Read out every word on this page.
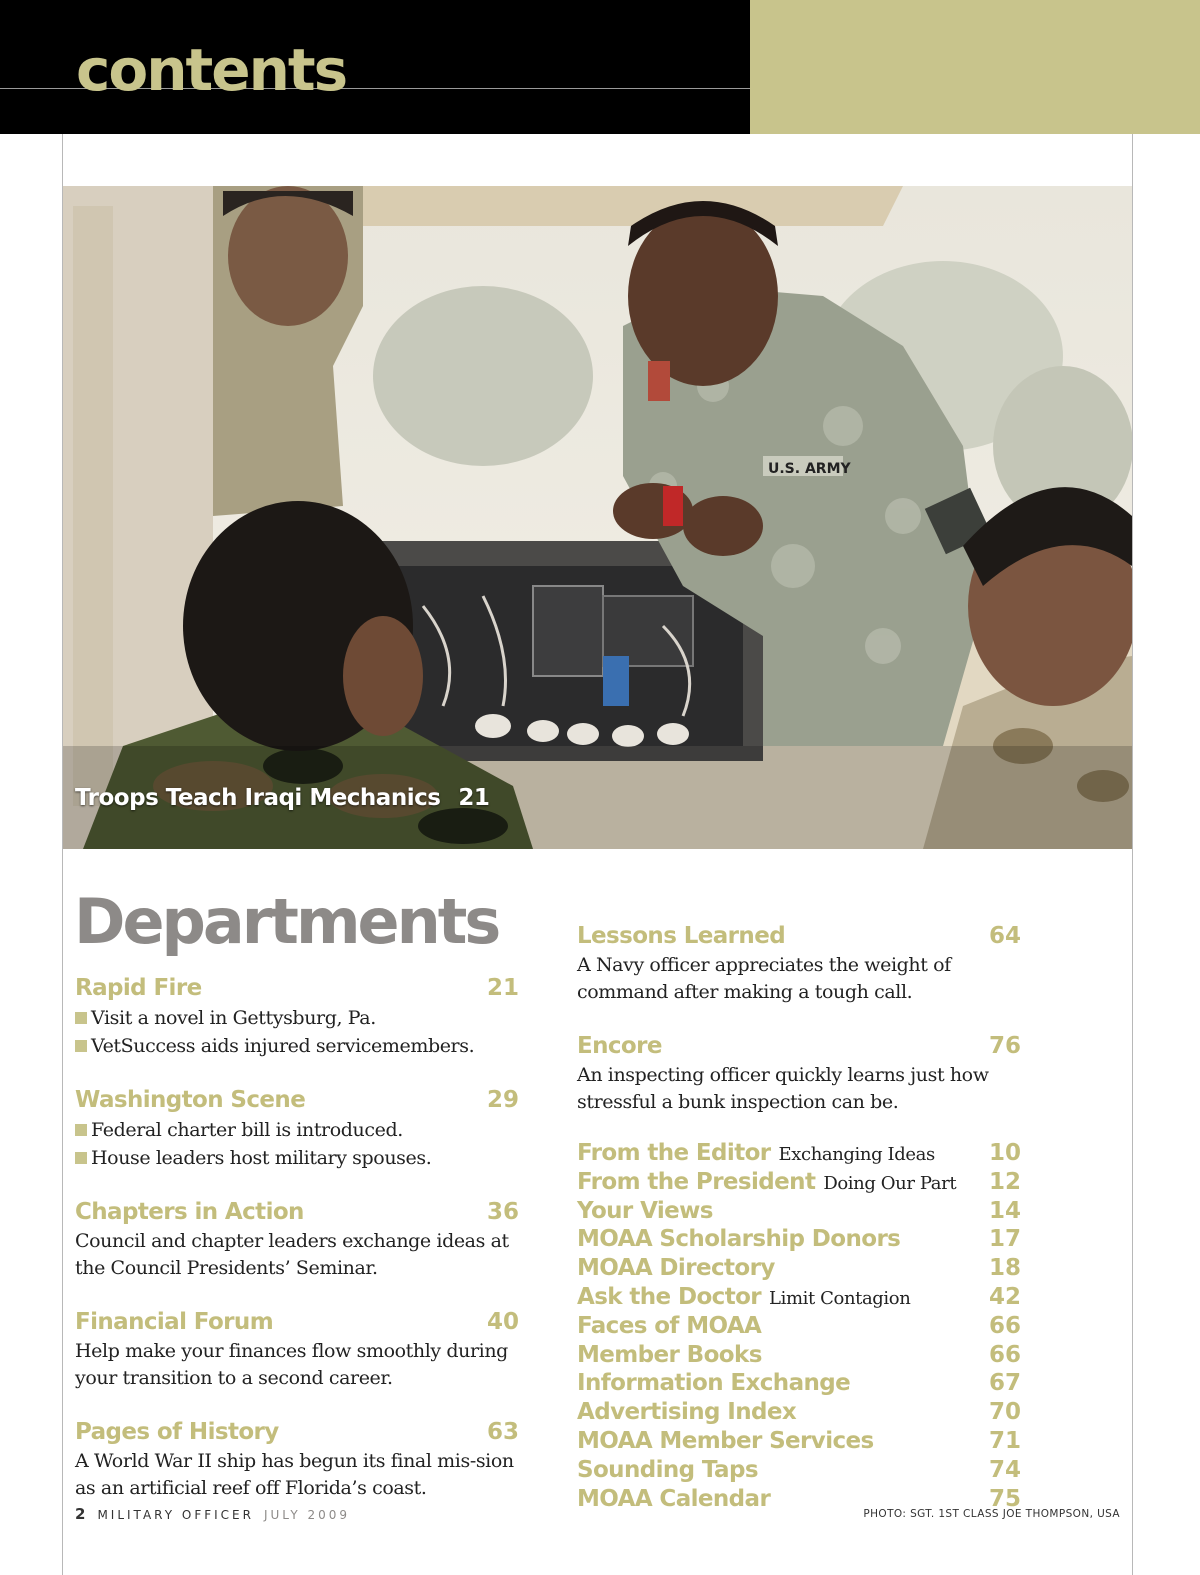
contents
U.S. ARMY
Troops Teach Iraqi Mechanics 21
Departments
Rapid Fire	21
Visit a novel in Gettysburg, Pa.
VetSuccess aids injured servicemembers.
Washington Scene	29
Federal charter bill is introduced.
House leaders host military spouses.
Chapters in Action	36
Council and chapter leaders exchange ideas at the Council Presidents’ Seminar.
Financial Forum	40
Help make your finances flow smoothly during your transition to a second career.
Pages of History	63
A World War II ship has begun its final mis-sion as an artificial reef off Florida’s coast.
Lessons Learned	64
A Navy officer appreciates the weight of command after making a tough call.
Encore	76
An inspecting officer quickly learns just how stressful a bunk inspection can be.
From the Editor Exchanging Ideas 10
From the President Doing Our Part 12
Your Views	14
MOAA Scholarship Donors	17
MOAA Directory	18
Ask the Doctor Limit Contagion	42
Faces of MOAA	66
Member Books	66
Information Exchange	67
Advertising Index	70
MOAA Member Services	71
Sounding Taps	74
MOAA Calendar	75
2 MILITARY OFFICER JULY 2009	PHOTO: SGT. 1ST CLASS JOE THOMPSON, USA
